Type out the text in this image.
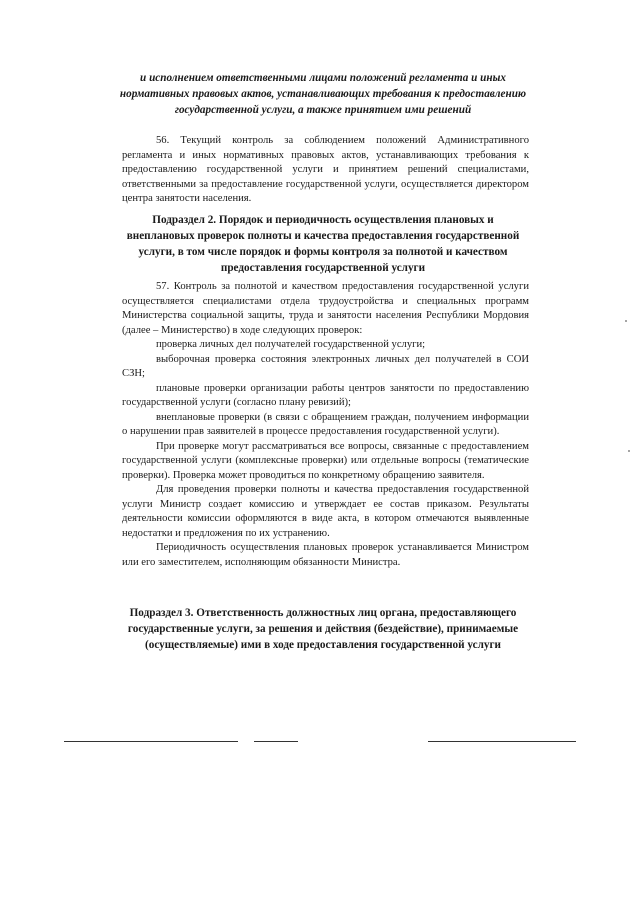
и исполнением ответственными лицами положений регламента и иных нормативных правовых актов, устанавливающих требования к предоставлению государственной услуги, а также принятием ими решений

56. Текущий контроль за соблюдением положений Административного регламента и иных нормативных правовых актов, устанавливающих требования к предоставлению государственной услуги и принятием решений специалистами, ответственными за предоставление государственной услуги, осуществляется директором центра занятости населения.

Подраздел 2. Порядок и периодичность осуществления плановых и внеплановых проверок полноты и качества предоставления государственной услуги, в том числе порядок и формы контроля за полнотой и качеством предоставления государственной услуги

57. Контроль за полнотой и качеством предоставления государственной услуги осуществляется специалистами отдела трудоустройства и специальных программ Министерства социальной защиты, труда и занятости населения Республики Мордовия (далее – Министерство) в ходе следующих проверок:

проверка личных дел получателей государственной услуги;

выборочная проверка состояния электронных личных дел получателей в СОИ СЗН;

плановые проверки организации работы центров занятости по предоставлению государственной услуги (согласно плану ревизий);

внеплановые проверки (в связи с обращением граждан, получением информации о нарушении прав заявителей в процессе предоставления государственной услуги).

При проверке могут рассматриваться все вопросы, связанные с предоставлением государственной услуги (комплексные проверки) или отдельные вопросы (тематические проверки). Проверка может проводиться по конкретному обращению заявителя.

Для проведения проверки полноты и качества предоставления государственной услуги Министр создает комиссию и утверждает ее состав приказом. Результаты деятельности комиссии оформляются в виде акта, в котором отмечаются выявленные недостатки и предложения по их устранению.

Периодичность осуществления плановых проверок устанавливается Министром или его заместителем, исполняющим обязанности Министра.

Подраздел 3. Ответственность должностных лиц органа, предоставляющего государственные услуги, за решения и действия (бездействие), принимаемые (осуществляемые) ими в ходе предоставления государственной услуги
